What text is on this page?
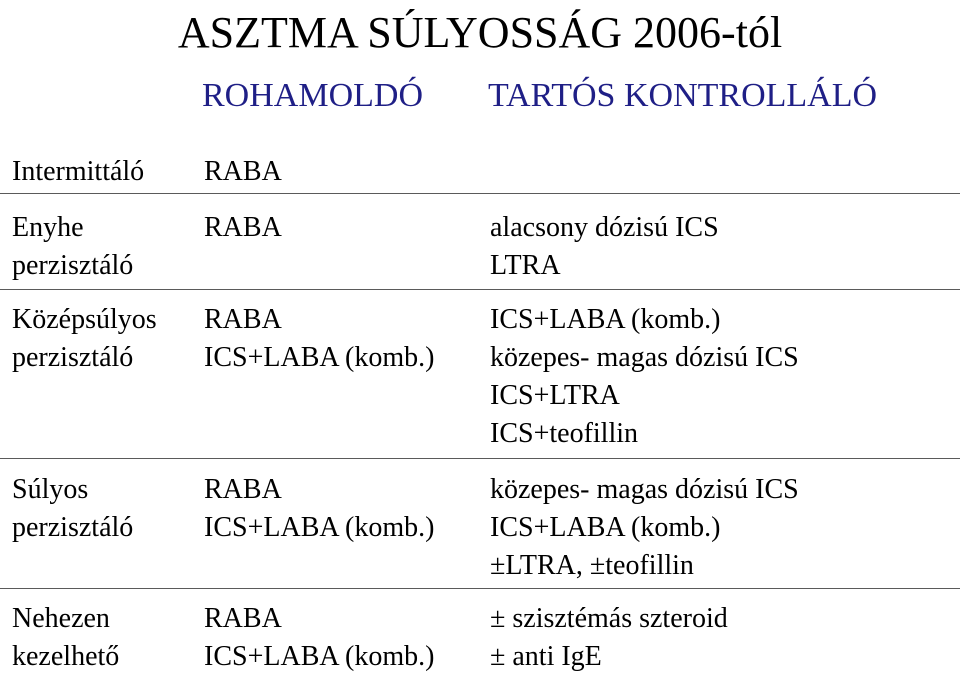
ASZTMA SÚLYOSSÁG 2006-tól
ROHAMOLDÓ TARTÓS KONTROLLÁLÓ
Intermittáló RABA
Enyhe
perzisztáló
RABA	alacsony dózisú ICS
LTRA
Középsúlyos
perzisztáló
RABA
ICS+LABA (komb.)
ICS+LABA (komb.)
közepes- magas dózisú ICS
ICS+LTRA
ICS+teofillin
Súlyos
perzisztáló
RABA
ICS+LABA (komb.)
közepes- magas dózisú ICS
ICS+LABA (komb.)
±LTRA, ±teofillin
Nehezen
kezelhető
RABA
ICS+LABA (komb.)
± szisztémás szteroid
± anti IgE
